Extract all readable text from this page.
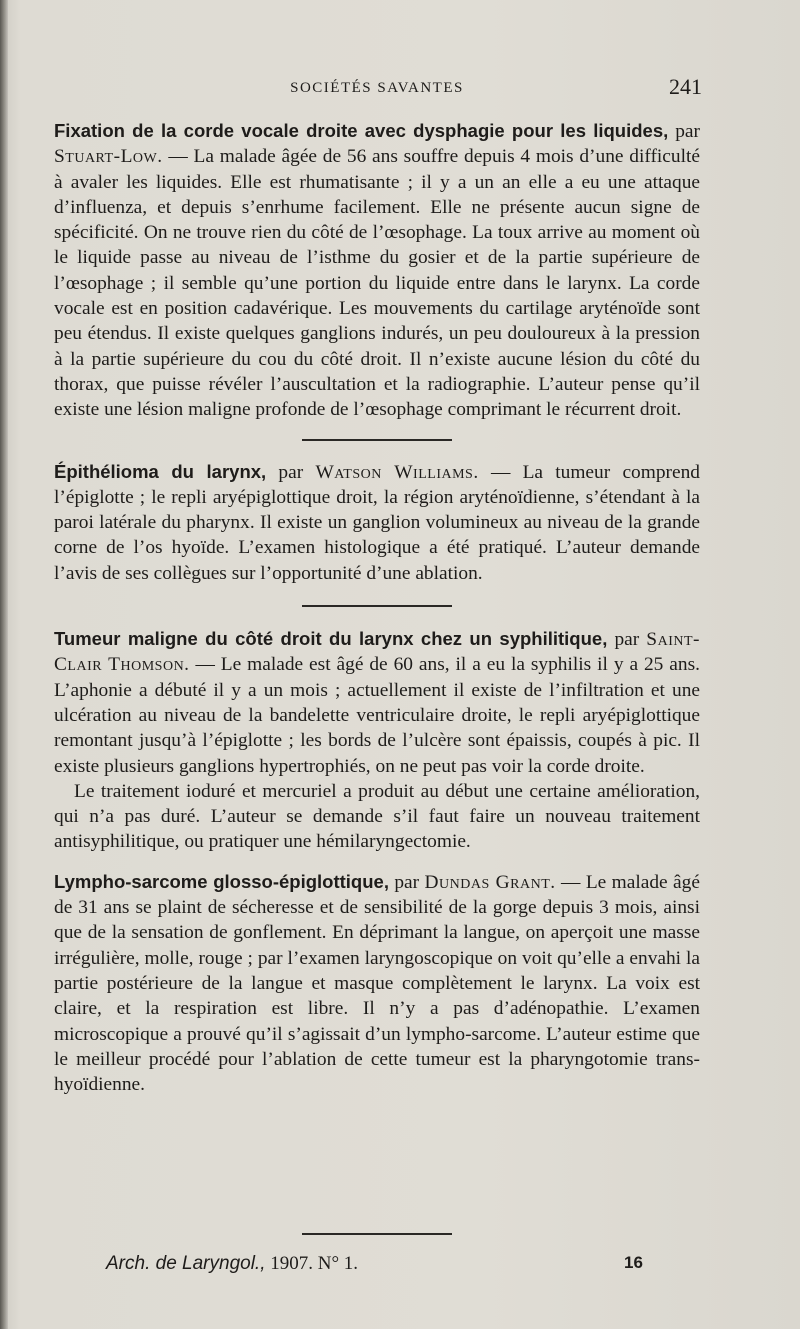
SOCIÉTÉS SAVANTES	241

Fixation de la corde vocale droite avec dysphagie pour les liquides, par Stuart-Low. — La malade âgée de 56 ans souffre depuis 4 mois d’une difficulté à avaler les liquides. Elle est rhumatisante ; il y a un an elle a eu une attaque d’influenza, et depuis s’enrhume facilement. Elle ne présente aucun signe de spécificité. On ne trouve rien du côté de l’œsophage. La toux arrive au moment où le liquide passe au niveau de l’isthme du gosier et de la partie supérieure de l’œsophage ; il semble qu’une portion du liquide entre dans le larynx. La corde vocale est en position cadavérique. Les mouvements du cartilage aryténoïde sont peu étendus. Il existe quelques ganglions indurés, un peu douloureux à la pression à la partie supérieure du cou du côté droit. Il n’existe aucune lésion du côté du thorax, que puisse révéler l’auscultation et la radiographie. L’auteur pense qu’il existe une lésion maligne profonde de l’œsophage comprimant le récurrent droit.

Épithélioma du larynx, par Watson Williams. — La tumeur comprend l’épiglotte ; le repli aryépiglottique droit, la région aryténoïdienne, s’étendant à la paroi latérale du pharynx. Il existe un ganglion volumineux au niveau de la grande corne de l’os hyoïde. L’examen histologique a été pratiqué. L’auteur demande l’avis de ses collègues sur l’opportunité d’une ablation.

Tumeur maligne du côté droit du larynx chez un syphilitique, par Saint-Clair Thomson. — Le malade est âgé de 60 ans, il a eu la syphilis il y a 25 ans. L’aphonie a débuté il y a un mois ; actuellement il existe de l’infiltration et une ulcération au niveau de la bandelette ventriculaire droite, le repli aryépiglottique remontant jusqu’à l’épiglotte ; les bords de l’ulcère sont épaissis, coupés à pic. Il existe plusieurs ganglions hypertrophiés, on ne peut pas voir la corde droite.

Le traitement ioduré et mercuriel a produit au début une certaine amélioration, qui n’a pas duré. L’auteur se demande s’il faut faire un nouveau traitement antisyphilitique, ou pratiquer une hémilaryngectomie.

Lympho-sarcome glosso-épiglottique, par Dundas Grant. — Le malade âgé de 31 ans se plaint de sécheresse et de sensibilité de la gorge depuis 3 mois, ainsi que de la sensation de gonflement. En déprimant la langue, on aperçoit une masse irrégulière, molle, rouge ; par l’examen laryngoscopique on voit qu’elle a envahi la partie postérieure de la langue et masque complètement le larynx. La voix est claire, et la respiration est libre. Il n’y a pas d’adénopathie. L’examen microscopique a prouvé qu’il s’agissait d’un lympho-sarcome. L’auteur estime que le meilleur procédé pour l’ablation de cette tumeur est la pharyngotomie trans-hyoïdienne.

Arch. de Laryngol., 1907. N° 1.	16
